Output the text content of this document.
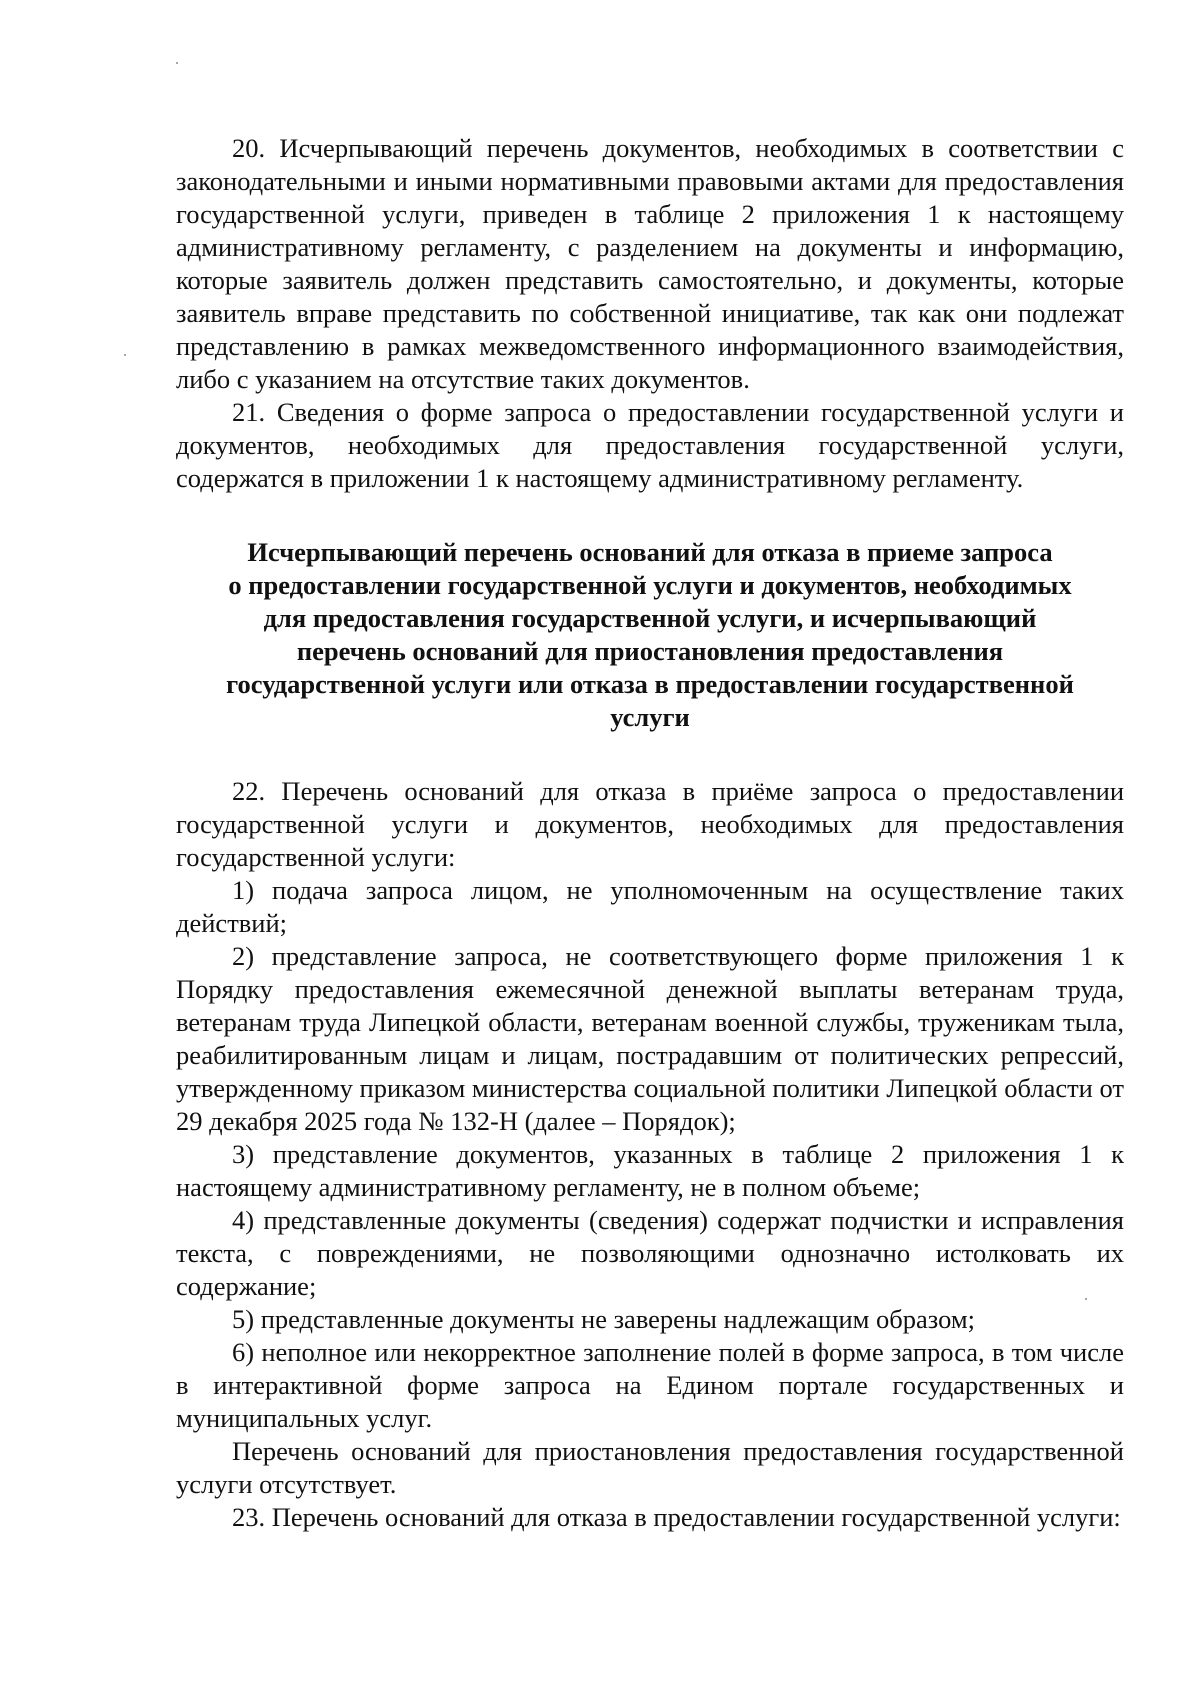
20. Исчерпывающий перечень документов, необходимых в соответствии с законодательными и иными нормативными правовыми актами для предоставления государственной услуги, приведен в таблице 2 приложения 1 к настоящему административному регламенту, с разделением на документы и информацию, которые заявитель должен представить самостоятельно, и документы, которые заявитель вправе представить по собственной инициативе, так как они подлежат представлению в рамках межведомственного информационного взаимодействия, либо с указанием на отсутствие таких документов.

21. Сведения о форме запроса о предоставлении государственной услуги и документов, необходимых для предоставления государственной услуги, содержатся в приложении 1 к настоящему административному регламенту.

Исчерпывающий перечень оснований для отказа в приеме запроса
о предоставлении государственной услуги и документов, необходимых
для предоставления государственной услуги, и исчерпывающий
перечень оснований для приостановления предоставления
государственной услуги или отказа в предоставлении государственной
услуги

22. Перечень оснований для отказа в приёме запроса о предоставлении государственной услуги и документов, необходимых для предоставления государственной услуги:

1) подача запроса лицом, не уполномоченным на осуществление таких действий;

2) представление запроса, не соответствующего форме приложения 1 к Порядку предоставления ежемесячной денежной выплаты ветеранам труда, ветеранам труда Липецкой области, ветеранам военной службы, труженикам тыла, реабилитированным лицам и лицам, пострадавшим от политических репрессий, утвержденному приказом министерства социальной политики Липецкой области от 29 декабря 2025 года № 132-Н (далее – Порядок);

3) представление документов, указанных в таблице 2 приложения 1 к настоящему административному регламенту, не в полном объеме;

4) представленные документы (сведения) содержат подчистки и исправления текста, с повреждениями, не позволяющими однозначно истолковать их содержание;

5) представленные документы не заверены надлежащим образом;

6) неполное или некорректное заполнение полей в форме запроса, в том числе в интерактивной форме запроса на Едином портале государственных и муниципальных услуг.

Перечень оснований для приостановления предоставления государственной услуги отсутствует.

23. Перечень оснований для отказа в предоставлении государственной услуги:
